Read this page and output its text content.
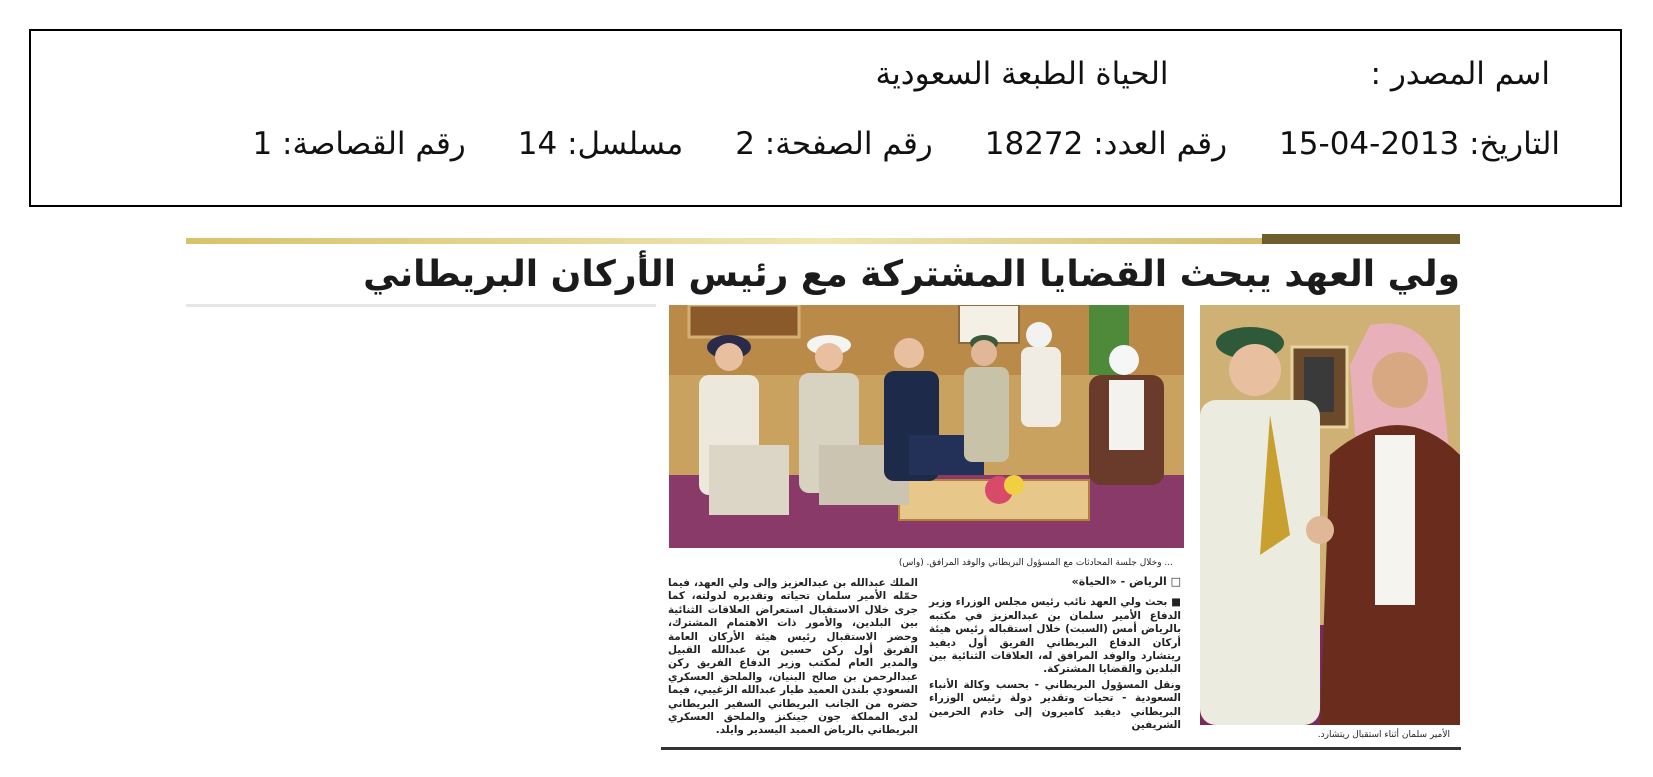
اسم المصدر :الحياة الطبعة السعودية
التاريخ: 2013-04-15رقم العدد: 18272رقم الصفحة: 2مسلسل: 14رقم القصاصة: 1
ولي العهد يبحث القضايا المشتركة مع رئيس الأركان البريطاني
... وخلال جلسة المحادثات مع المسؤول البريطاني والوفد المرافق. (واس)
الأمير سلمان أثناء استقبال ريتشارد.

□ الرياض - «الحياة»

■ بحث ولي العهد نائب رئيس مجلس الوزراء وزير الدفاع الأمير سلمان بن عبدالعزيز في مكتبه بالرياض أمس (السبت) خلال استقباله رئيس هيئة أركان الدفاع البريطاني الفريق أول ديفيد ريتشارد والوفد المرافق له، العلاقات الثنائية بين البلدين والقضايا المشتركة.

ونقل المسؤول البريطاني - بحسب وكالة الأنباء السعودية - تحيات وتقدير دولة رئيس الوزراء البريطاني ديفيد كاميرون إلى خادم الحرمين الشريفين

الملك عبدالله بن عبدالعزيز وإلى ولي العهد، فيما حمّله الأمير سلمان تحياته وتقديره لدولته، كما جرى خلال الاستقبال استعراض العلاقات الثنائية بين البلدين، والأمور ذات الاهتمام المشترك، وحضر الاستقبال رئيس هيئة الأركان العامة الفريق أول ركن حسين بن عبدالله القبيل والمدير العام لمكتب وزير الدفاع الفريق ركن عبدالرحمن بن صالح البنيان، والملحق العسكري السعودي بلندن العميد طيار عبدالله الزغيبي، فيما حضره من الجانب البريطاني السفير البريطاني لدى المملكة جون جينكنز والملحق العسكري البريطاني بالرياض العميد اليسدير وايلد.
